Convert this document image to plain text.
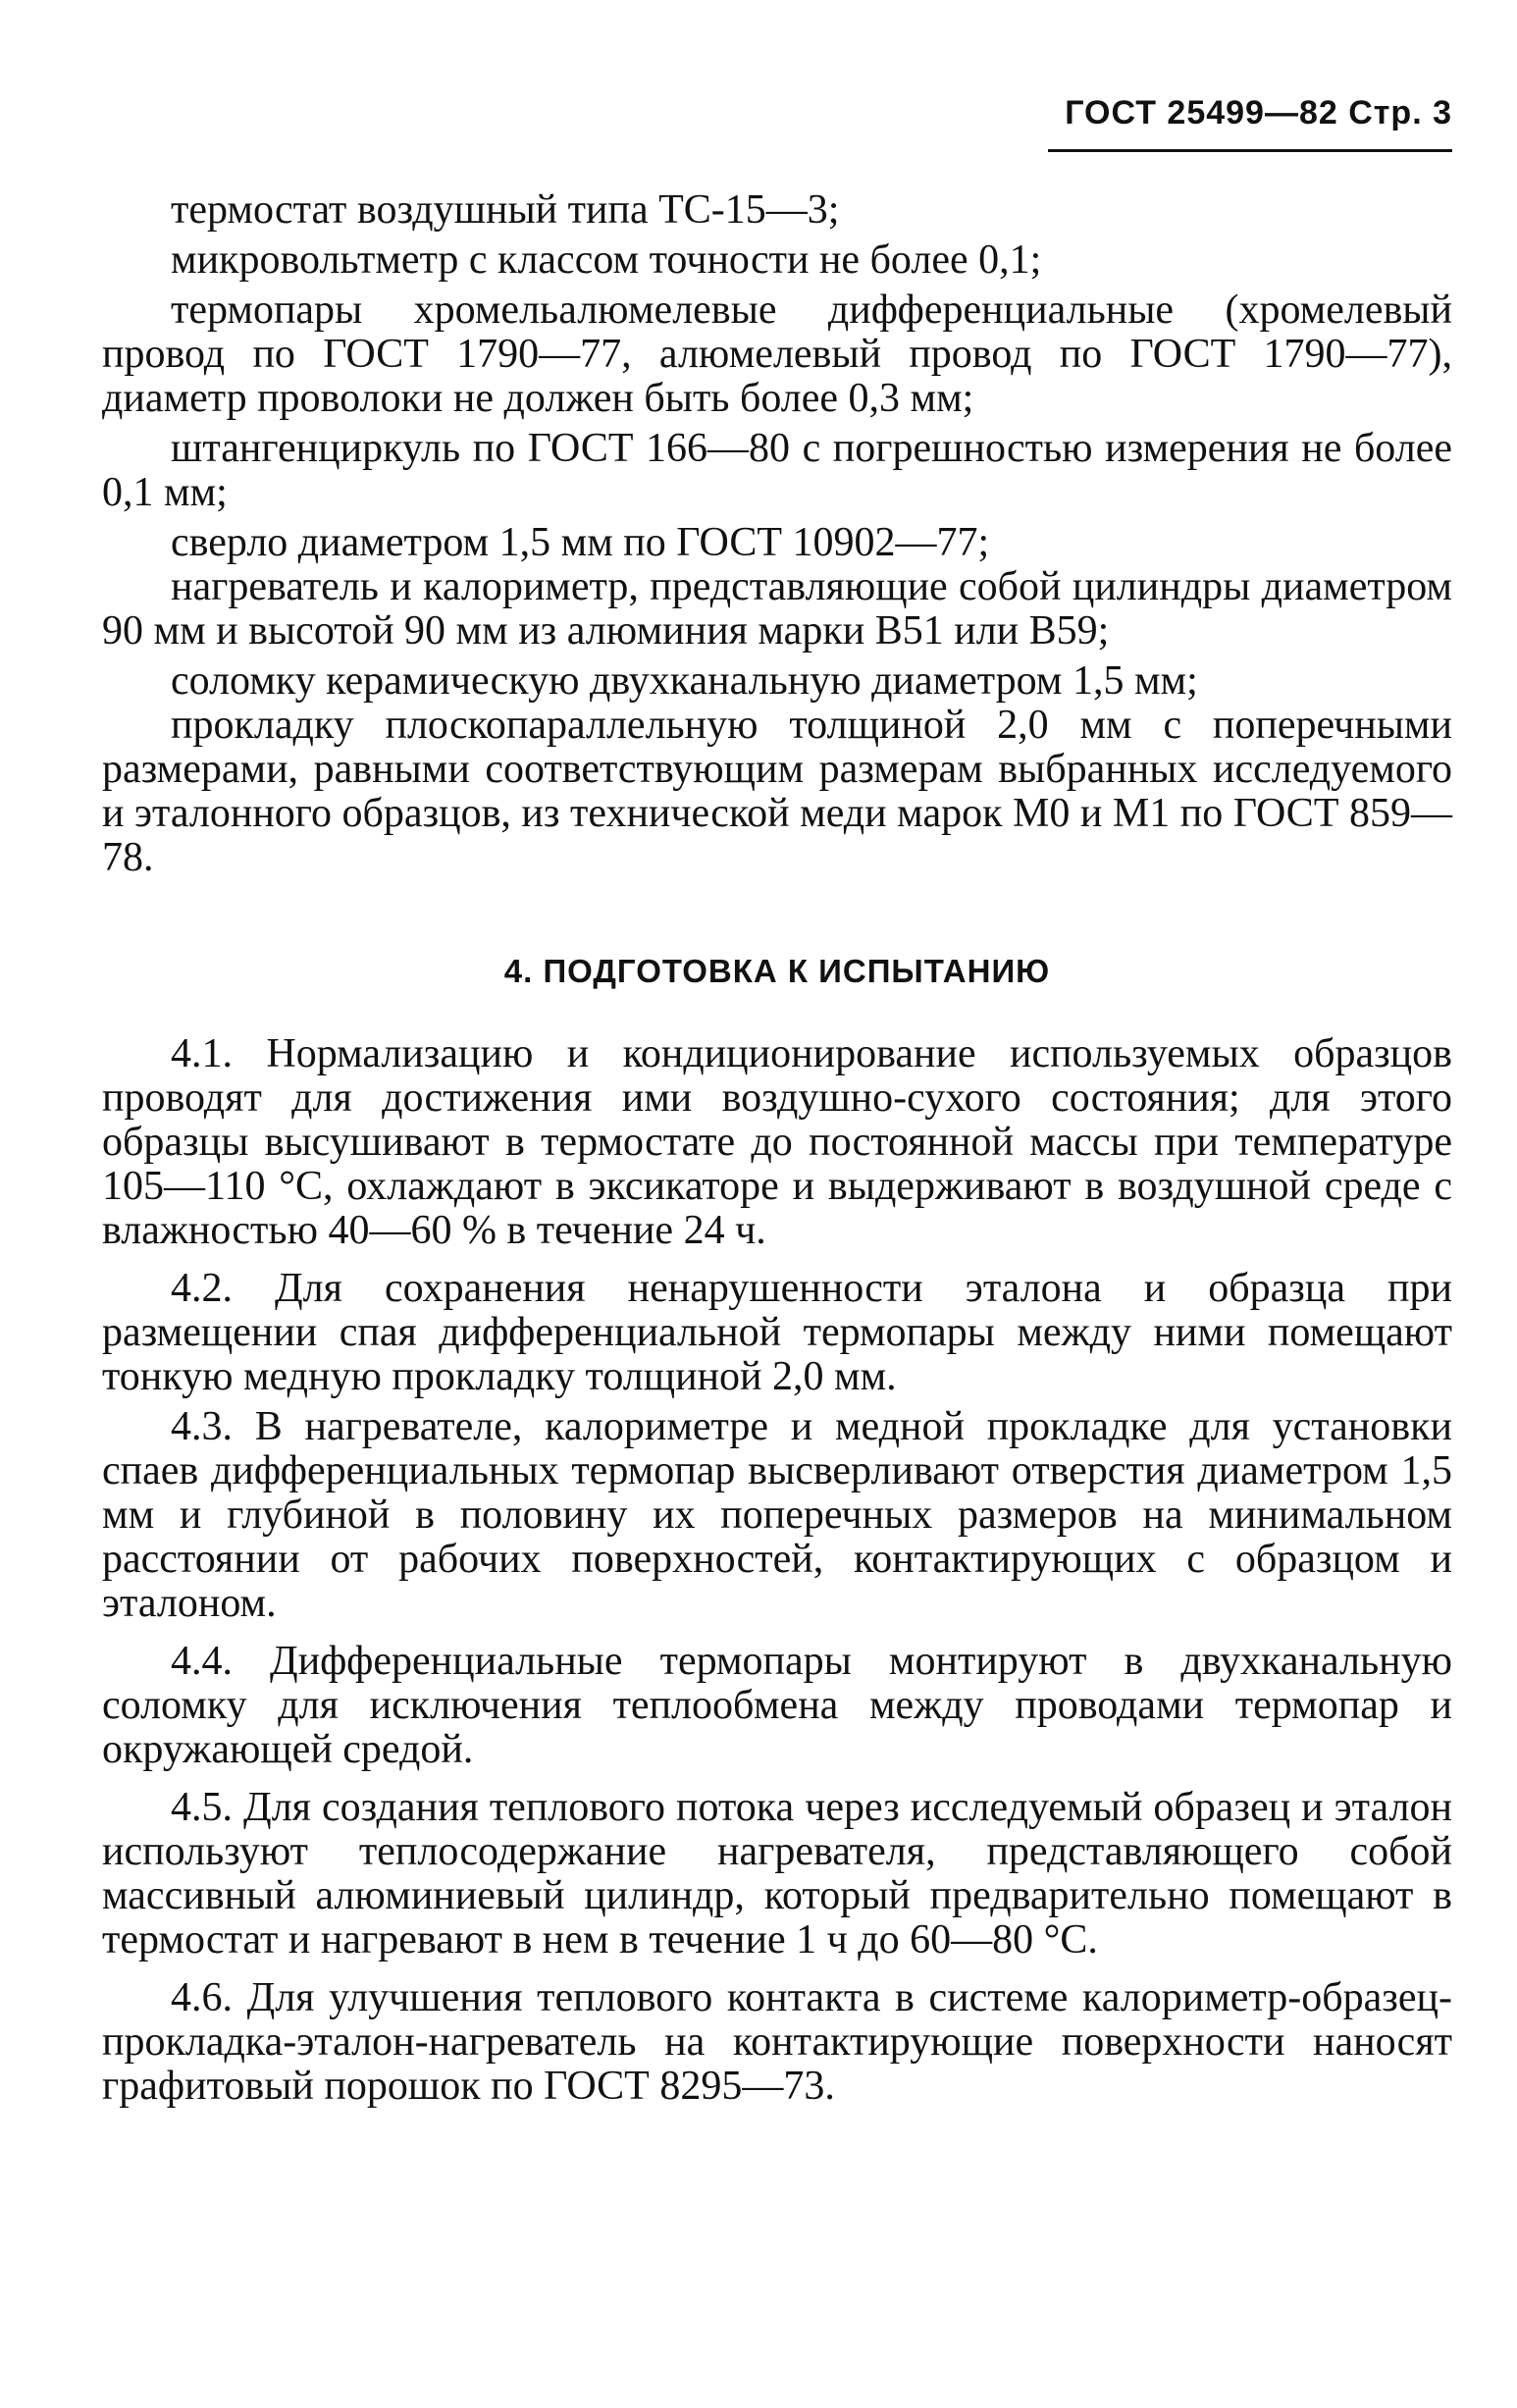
ГОСТ 25499—82 Стр. 3

термостат воздушный типа ТС-15—3;

микровольтметр с классом точности не более 0,1;

термопары хромельалюмелевые дифференциальные (хромелевый провод по ГОСТ 1790—77, алюмелевый провод по ГОСТ 1790—77), диаметр проволоки не должен быть более 0,3 мм;

штангенциркуль по ГОСТ 166—80 с погрешностью измерения не более 0,1 мм;

сверло диаметром 1,5 мм по ГОСТ 10902—77;

нагреватель и калориметр, представляющие собой цилиндры диаметром 90 мм и высотой 90 мм из алюминия марки В51 или В59;

соломку керамическую двухканальную диаметром 1,5 мм;

прокладку плоскопараллельную толщиной 2,0 мм с поперечными размерами, равными соответствующим размерам выбранных исследуемого и эталонного образцов, из технической меди марок М0 и М1 по ГОСТ 859—78.

4. ПОДГОТОВКА К ИСПЫТАНИЮ

4.1. Нормализацию и кондиционирование используемых образцов проводят для достижения ими воздушно-сухого состояния; для этого образцы высушивают в термостате до постоянной массы при температуре 105—110 °С, охлаждают в эксикаторе и выдерживают в воздушной среде с влажностью 40—60 % в течение 24 ч.

4.2. Для сохранения ненарушенности эталона и образца при размещении спая дифференциальной термопары между ними помещают тонкую медную прокладку толщиной 2,0 мм.

4.3. В нагревателе, калориметре и медной прокладке для установки спаев дифференциальных термопар высверливают отверстия диаметром 1,5 мм и глубиной в половину их поперечных размеров на минимальном расстоянии от рабочих поверхностей, контактирующих с образцом и эталоном.

4.4. Дифференциальные термопары монтируют в двухканальную соломку для исключения теплообмена между проводами термопар и окружающей средой.

4.5. Для создания теплового потока через исследуемый образец и эталон используют теплосодержание нагревателя, представляющего собой массивный алюминиевый цилиндр, который предварительно помещают в термостат и нагревают в нем в течение 1 ч до 60—80 °С.

4.6. Для улучшения теплового контакта в системе калориметр-образец-прокладка-эталон-нагреватель на контактирующие поверхности наносят графитовый порошок по ГОСТ 8295—73.
